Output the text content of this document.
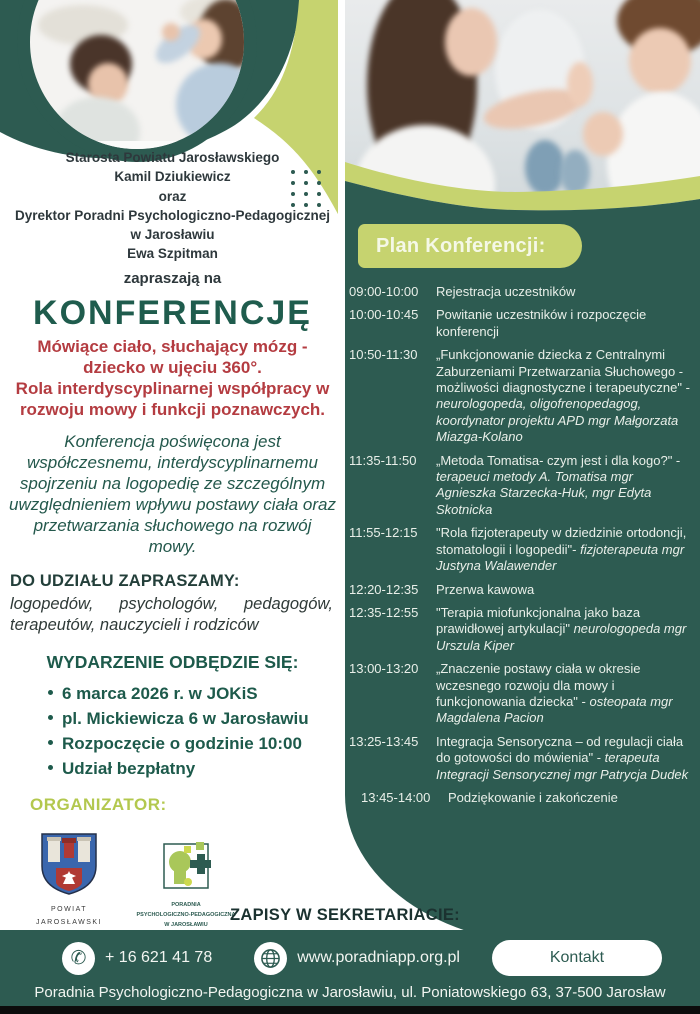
Starosta Powiatu Jarosławskiego
Kamil Dziukiewicz
oraz
Dyrektor Poradni Psychologiczno-Pedagogicznej
w Jarosławiu
Ewa Szpitman
zapraszają na
KONFERENCJĘ
Mówiące ciało, słuchający mózg - dziecko w ujęciu 360°.
Rola interdyscyplinarnej współpracy w rozwoju mowy i funkcji poznawczych.
Konferencja poświęcona jest współczesnemu, interdyscyplinarnemu spojrzeniu na logopedię ze szczególnym uwzględnieniem wpływu postawy ciała oraz przetwarzania słuchowego na rozwój mowy.
DO UDZIAŁU ZAPRASZAMY:
logopedów, psychologów, pedagogów, terapeutów, nauczycieli i rodziców
WYDARZENIE ODBĘDZIE SIĘ:
6 marca 2026 r. w JOKiS
pl. Mickiewicza 6 w Jarosławiu
Rozpoczęcie o godzinie 10:00
Udział bezpłatny
ORGANIZATOR:
POWIAT
JAROSŁAWSKI
PORADNIA
PSYCHOLOGICZNO-PEDAGOGICZNA
W JAROSŁAWIU
Plan Konferencji:
09:00-10:00	Rejestracja uczestników
10:00-10:45	Powitanie uczestników i rozpoczęcie konferencji
10:50-11:30	„Funkcjonowanie dziecka z Centralnymi Zaburzeniami Przetwarzania Słuchowego - możliwości diagnostyczne i terapeutyczne" - neurologopeda, oligofrenopedagog, koordynator projektu APD mgr Małgorzata Miazga-Kolano
11:35-11:50	„Metoda Tomatisa- czym jest i dla kogo?" - terapeuci metody A. Tomatisa mgr Agnieszka Starzecka-Huk, mgr Edyta Skotnicka
11:55-12:15	"Rola fizjoterapeuty w dziedzinie ortodoncji, stomatologii i logopedii"- fizjoterapeuta mgr Justyna Walawender
12:20-12:35	Przerwa kawowa
12:35-12:55	"Terapia miofunkcjonalna jako baza prawidłowej artykulacji" neurologopeda mgr Urszula Kiper
13:00-13:20	„Znaczenie postawy ciała w okresie wczesnego rozwoju dla mowy i funkcjonowania dziecka" - osteopata mgr Magdalena Pacion
13:25-13:45	Integracja Sensoryczna – od regulacji ciała do gotowości do mówienia" - terapeuta Integracji Sensorycznej mgr Patrycja Dudek
13:45-14:00	Podziękowanie i zakończenie
ZAPISY W SEKRETARIACIE:
✆ + 16 621 41 78	www.poradniapp.org.pl	Kontakt
Poradnia Psychologiczno-Pedagogiczna w Jarosławiu, ul. Poniatowskiego 63, 37-500 Jarosław
